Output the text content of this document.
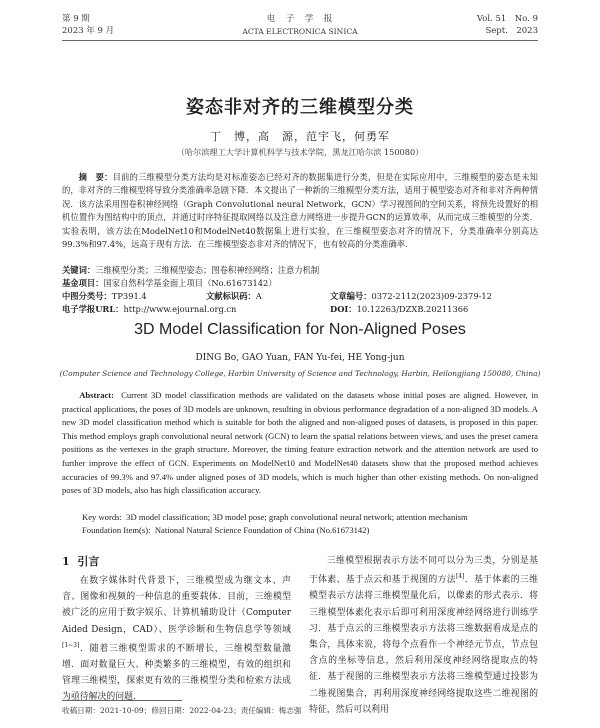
第 9 期
2023 年 9 月
电　子　学　报
ACTA ELECTRONICA SINICA
Vol. 51　No. 9
Sept.　2023
姿态非对齐的三维模型分类
丁　博，高　源，范宇飞，何勇军
（哈尔滨理工大学计算机科学与技术学院，黑龙江哈尔滨 150080）
摘　要：目前的三维模型分类方法均是对标准姿态已经对齐的数据集进行分类，但是在实际应用中，三维模型的姿态是未知的，非对齐的三维模型将导致分类准确率急剧下降．本文提出了一种新的三维模型分类方法，适用于模型姿态对齐和非对齐两种情况．该方法采用图卷积神经网络（Graph Convolutional neural Network，GCN）学习视图间的空间关系，将预先设置好的相机位置作为图结构中的顶点，并通过时序特征提取网络以及注意力网络进一步提升GCN的运算效率，从而完成三维模型的分类．实验表明，该方法在ModelNet10和ModelNet40数据集上进行实验，在三维模型姿态对齐的情况下，分类准确率分别高达99.3%和97.4%，远高于现有方法．在三维模型姿态非对齐的情况下，也有较高的分类准确率．
关键词：三维模型分类；三维模型姿态；图卷积神经网络；注意力机制
基金项目：国家自然科学基金面上项目（No.61673142）
中图分类号：TP391.4	文献标识码：A	文章编号：0372-2112(2023)09-2379-12
电子学报URL：http://www.ejournal.org.cn	DOI：10.12263/DZXB.20211366
3D Model Classification for Non-Aligned Poses
DING Bo, GAO Yuan, FAN Yu-fei, HE Yong-jun
(Computer Science and Technology College, Harbin University of Science and Technology, Harbin, Heilongjiang 150080, China)
Abstract: Current 3D model classification methods are validated on the datasets whose initial poses are aligned. However, in practical applications, the poses of 3D models are unknown, resulting in obvious performance degradation of a non-aligned 3D models. A new 3D model classification method which is suitable for both the aligned and non-aligned poses of datasets, is proposed in this paper. This method employs graph convolutional neural network (GCN) to learn the spatial relations between views, and uses the preset camera positions as the vertexes in the graph structure. Moreover, the timing feature extraction network and the attention network are used to further improve the effect of GCN. Experiments on ModelNet10 and ModelNet40 datasets show that the proposed method achieves accuracies of 99.3% and 97.4% under aligned poses of 3D models, which is much higher than other existing methods. On non-aligned poses of 3D models, also has high classification accuracy.
Key words: 3D model classification; 3D model pose; graph convolutional neural network; attention mechanism
Foundation Item(s): National Natural Science Foundation of China (No.61673142)
1 引言
在数字媒体时代背景下，三维模型成为继文本、声音、图像和视频的一种信息的重要载体．目前，三维模型被广泛的应用于数字娱乐、计算机辅助设计（Computer Aided Design，CAD）、医学诊断和生物信息学等领域[1~3]．随着三维模型需求的不断增长，三维模型数量激增．面对数量巨大、种类繁多的三维模型，有效的组织和管理三维模型，探索更有效的三维模型分类和检索方法成为亟待解决的问题．
三维模型根据表示方法不同可以分为三类，分别是基于体素、基于点云和基于视图的方法[4]．基于体素的三维模型表示方法将三维模型量化后，以像素的形式表示．将三维模型体素化表示后即可利用深度神经网络进行训练学习．基于点云的三维模型表示方法将三维数据看成是点的集合，具体来说，将每个点看作一个神经元节点，节点包含点的坐标等信息，然后利用深度神经网络提取点的特征．基于视图的三维模型表示方法将三维模型通过投影为二维视图集合，再利用深度神经网络提取这些二维视图的特征，然后可以利用
收稿日期：2021-10-09；修回日期：2022-04-23；责任编辑：梅志强
